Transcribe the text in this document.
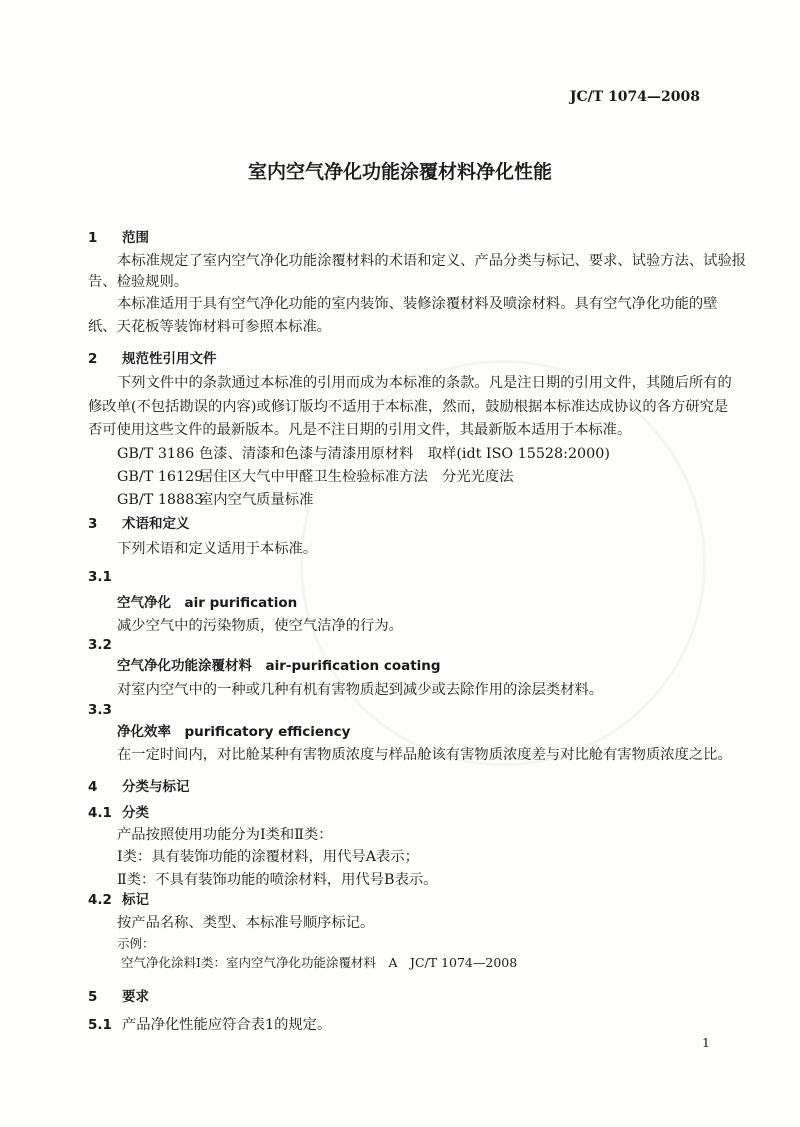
JC/T 1074—2008
室内空气净化功能涂覆材料净化性能
1 范围
本标准规定了室内空气净化功能涂覆材料的术语和定义、产品分类与标记、要求、试验方法、试验报
告、检验规则。
本标准适用于具有空气净化功能的室内装饰、装修涂覆材料及喷涂材料。具有空气净化功能的壁
纸、天花板等装饰材料可参照本标准。
2 规范性引用文件
下列文件中的条款通过本标准的引用而成为本标准的条款。凡是注日期的引用文件，其随后所有的
修改单(不包括勘误的内容)或修订版均不适用于本标准，然而，鼓励根据本标准达成协议的各方研究是
否可使用这些文件的最新版本。凡是不注日期的引用文件，其最新版本适用于本标准。
GB/T 3186 色漆、清漆和色漆与清漆用原材料　取样(idt ISO 15528:2000)
GB/T 16129居住区大气中甲醛卫生检验标准方法　分光光度法
GB/T 18883室内空气质量标准
3 术语和定义
下列术语和定义适用于本标准。
3.1
空气净化　air purification
减少空气中的污染物质，使空气洁净的行为。
3.2
空气净化功能涂覆材料　air-purification coating
对室内空气中的一种或几种有机有害物质起到减少或去除作用的涂层类材料。
3.3
净化效率　purificatory efficiency
在一定时间内，对比舱某种有害物质浓度与样品舱该有害物质浓度差与对比舱有害物质浓度之比。
4 分类与标记
4.1 分类
产品按照使用功能分为Ⅰ类和Ⅱ类：
Ⅰ类：具有装饰功能的涂覆材料，用代号A表示；
Ⅱ类：不具有装饰功能的喷涂材料，用代号B表示。
4.2 标记
按产品名称、类型、本标准号顺序标记。
示例：
空气净化涂料Ⅰ类：室内空气净化功能涂覆材料　A　JC/T 1074—2008
5 要求
5.1 产品净化性能应符合表1的规定。
1
